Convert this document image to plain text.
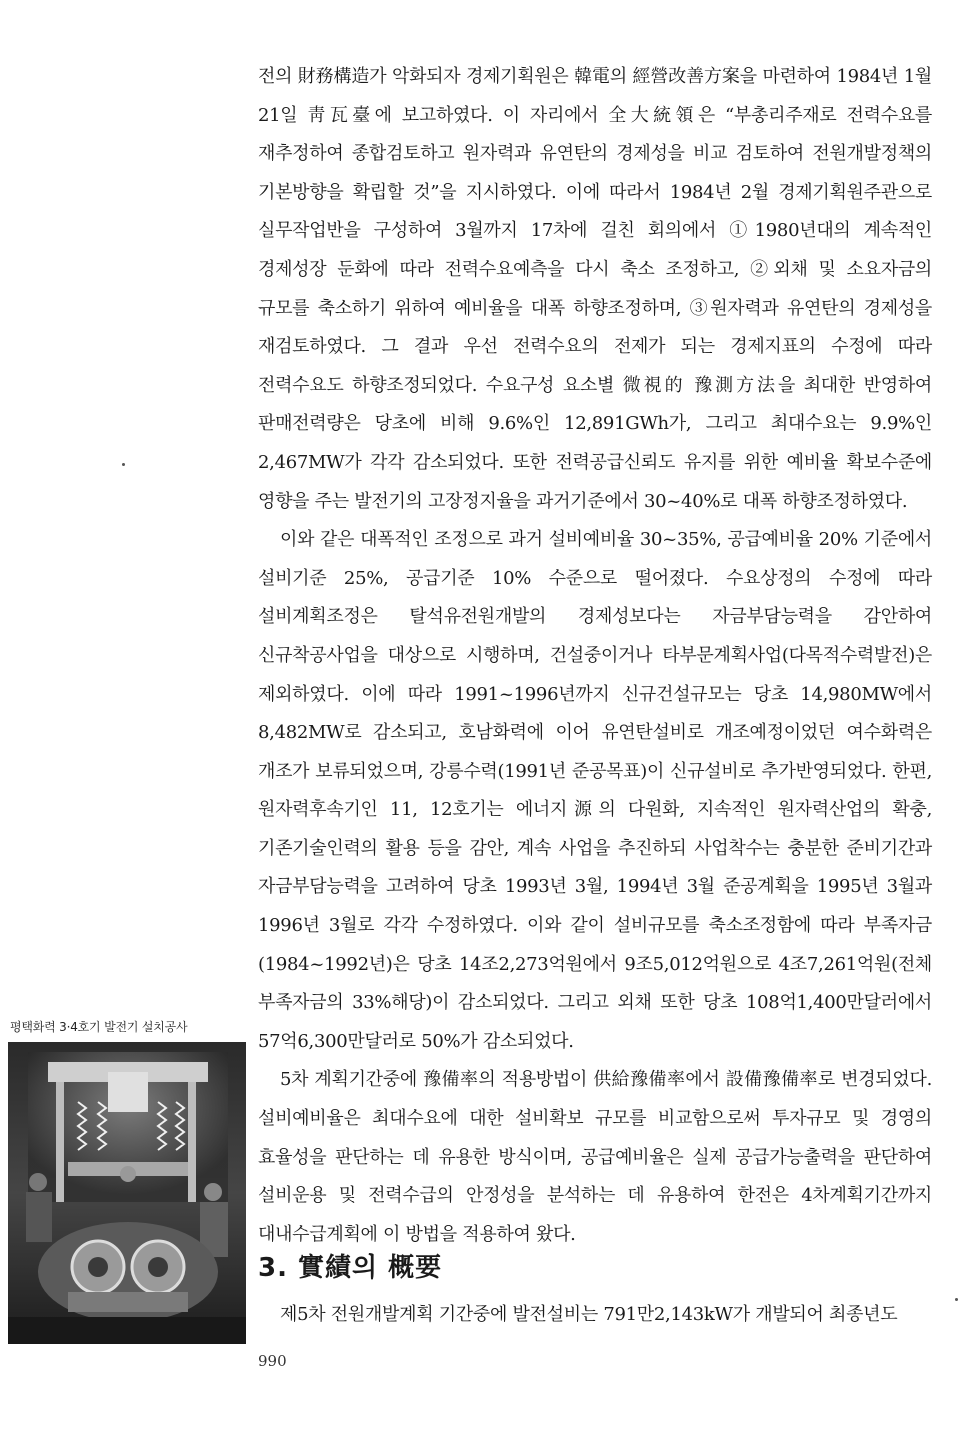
전의 財務構造가 악화되자 경제기획원은 韓電의 經營改善方案을 마련하여 1984년 1월 21일 靑瓦臺에 보고하였다. 이 자리에서 全大統領은 “부총리주재로 전력수요를 재추정하여 종합검토하고 원자력과 유연탄의 경제성을 비교 검토하여 전원개발정책의 기본방향을 확립할 것”을 지시하였다. 이에 따라서 1984년 2월 경제기획원주관으로 실무작업반을 구성하여 3월까지 17차에 걸친 회의에서 ①1980년대의 계속적인 경제성장 둔화에 따라 전력수요예측을 다시 축소 조정하고, ②외채 및 소요자금의 규모를 축소하기 위하여 예비율을 대폭 하향조정하며, ③원자력과 유연탄의 경제성을 재검토하였다. 그 결과 우선 전력수요의 전제가 되는 경제지표의 수정에 따라 전력수요도 하향조정되었다. 수요구성 요소별 微視的 豫測方法을 최대한 반영하여 판매전력량은 당초에 비해 9.6%인 12,891GWh가, 그리고 최대수요는 9.9%인 2,467MW가 각각 감소되었다. 또한 전력공급신뢰도 유지를 위한 예비율 확보수준에 영향을 주는 발전기의 고장정지율을 과거기준에서 30~40%로 대폭 하향조정하였다.

이와 같은 대폭적인 조정으로 과거 설비예비율 30~35%, 공급예비율 20% 기준에서 설비기준 25%, 공급기준 10% 수준으로 떨어졌다. 수요상정의 수정에 따라 설비계획조정은 탈석유전원개발의 경제성보다는 자금부담능력을 감안하여 신규착공사업을 대상으로 시행하며, 건설중이거나 타부문계획사업(다목적수력발전)은 제외하였다. 이에 따라 1991~1996년까지 신규건설규모는 당초 14,980MW에서 8,482MW로 감소되고, 호남화력에 이어 유연탄설비로 개조예정이었던 여수화력은 개조가 보류되었으며, 강릉수력(1991년 준공목표)이 신규설비로 추가반영되었다. 한편, 원자력후속기인 11, 12호기는 에너지源의 다원화, 지속적인 원자력산업의 확충, 기존기술인력의 활용 등을 감안, 계속 사업을 추진하되 사업착수는 충분한 준비기간과 자금부담능력을 고려하여 당초 1993년 3월, 1994년 3월 준공계획을 1995년 3월과 1996년 3월로 각각 수정하였다. 이와 같이 설비규모를 축소조정함에 따라 부족자금(1984~1992년)은 당초 14조2,273억원에서 9조5,012억원으로 4조7,261억원(전체 부족자금의 33%해당)이 감소되었다. 그리고 외채 또한 당초 108억1,400만달러에서 57억6,300만달러로 50%가 감소되었다.

5차 계획기간중에 豫備率의 적용방법이 供給豫備率에서 設備豫備率로 변경되었다. 설비예비율은 최대수요에 대한 설비확보 규모를 비교함으로써 투자규모 및 경영의 효율성을 판단하는 데 유용한 방식이며, 공급예비율은 실제 공급가능출력을 판단하여 설비운용 및 전력수급의 안정성을 분석하는 데 유용하여 한전은 4차계획기간까지 대내수급계획에 이 방법을 적용하여 왔다.

3. 實績의 概要

제5차 전원개발계획 기간중에 발전설비는 791만2,143kW가 개발되어 최종년도

평택화력 3·4호기 발전기 설치공사
990
